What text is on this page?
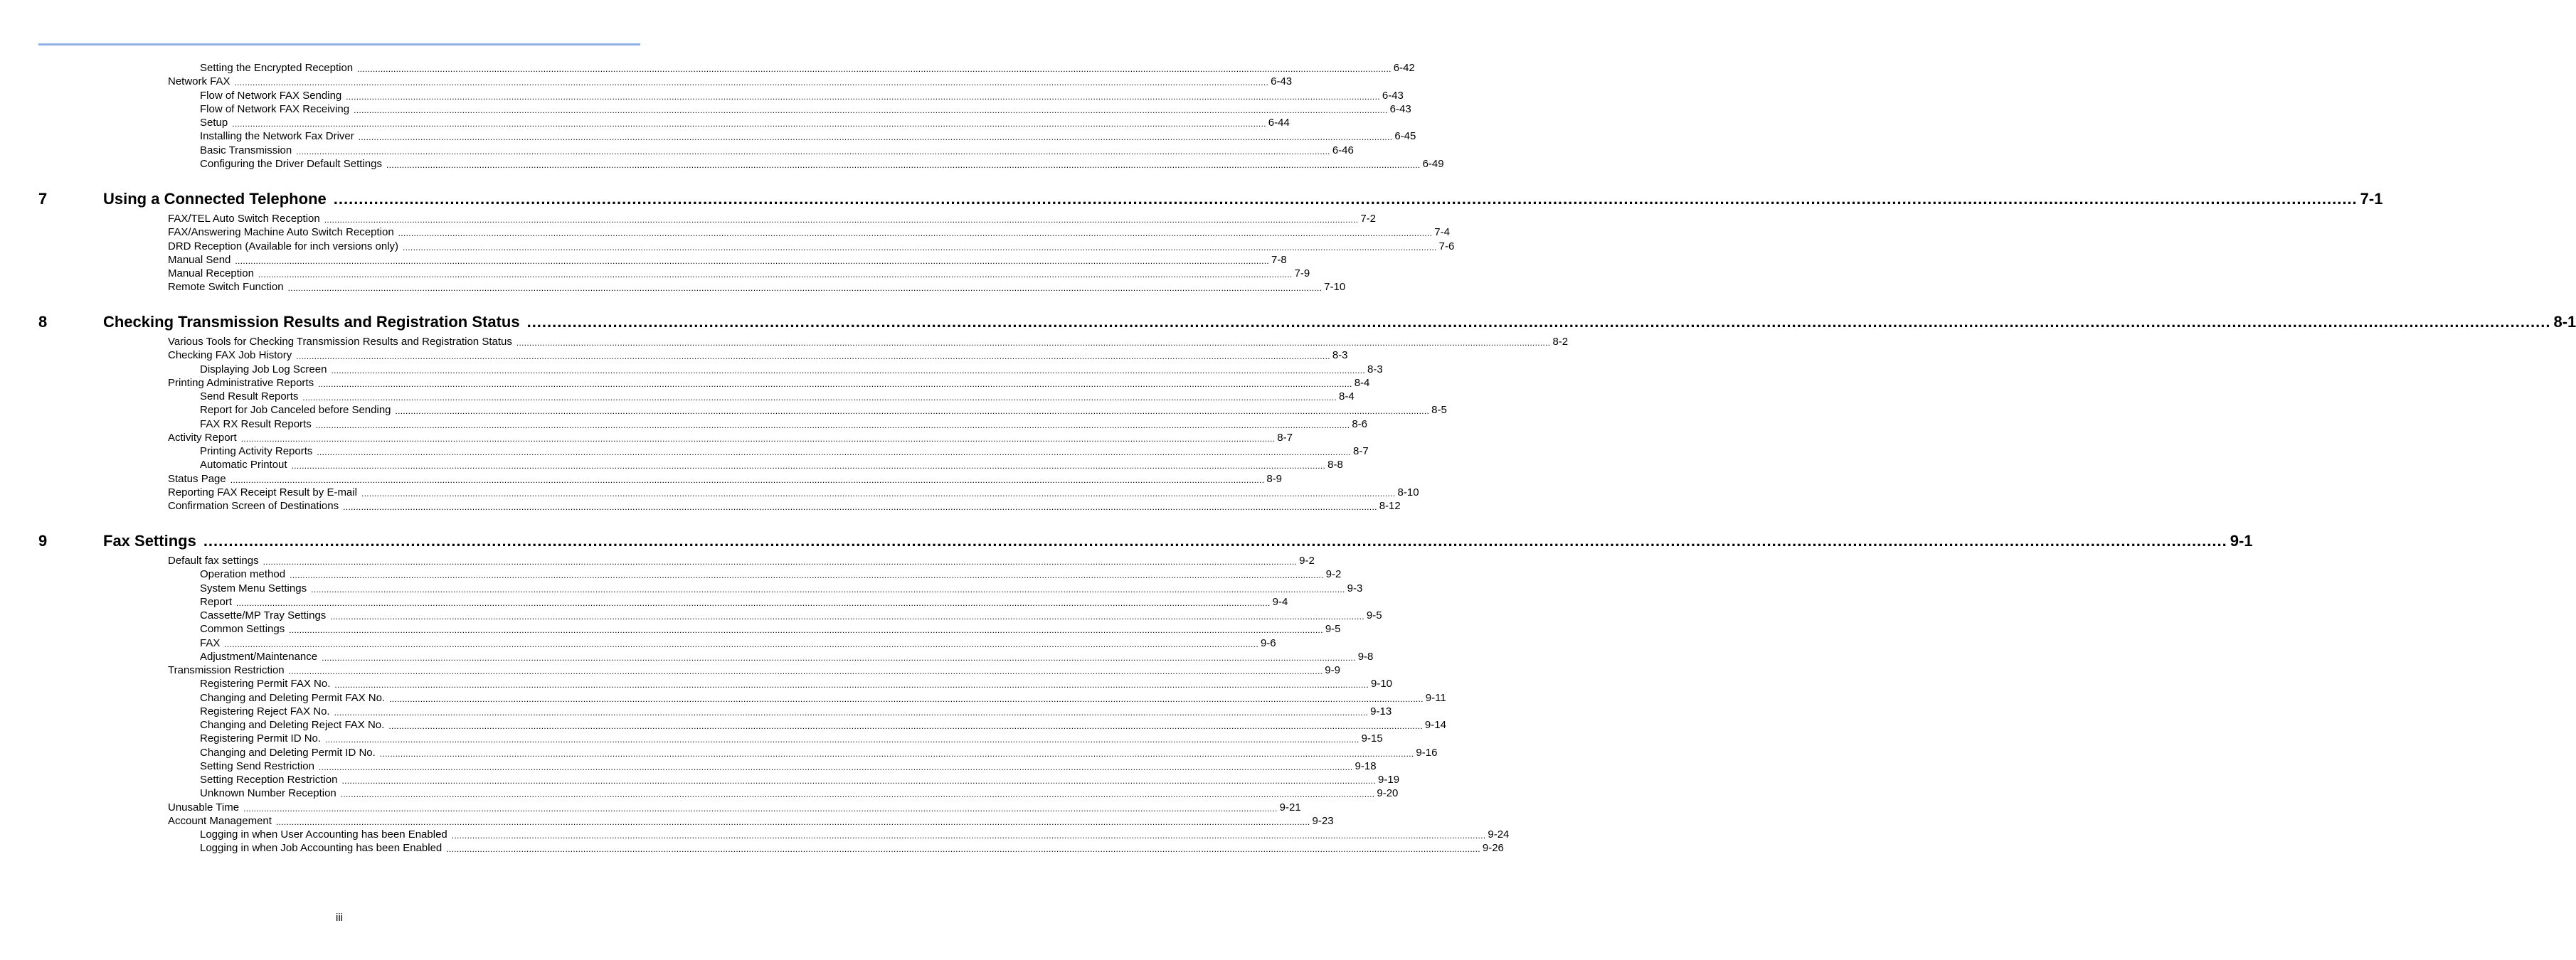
Setting the Encrypted Reception ................................................................................................................................................................................................................................................................................................................................................................................................................ 6-42
Network FAX ................................................................................................................................................................................................................................................................................................................................................................................................................ 6-43
Flow of Network FAX Sending ................................................................................................................................................................................................................................................................................................................................................................................................................ 6-43
Flow of Network FAX Receiving ................................................................................................................................................................................................................................................................................................................................................................................................................ 6-43
Setup ................................................................................................................................................................................................................................................................................................................................................................................................................ 6-44
Installing the Network Fax Driver ................................................................................................................................................................................................................................................................................................................................................................................................................ 6-45
Basic Transmission ................................................................................................................................................................................................................................................................................................................................................................................................................ 6-46
Configuring the Driver Default Settings ................................................................................................................................................................................................................................................................................................................................................................................................................ 6-49
7	Using a Connected Telephone ................................................................................................................................................................................................................................................................................................................................................................................................................ 7-1
FAX/TEL Auto Switch Reception ................................................................................................................................................................................................................................................................................................................................................................................................................ 7-2
FAX/Answering Machine Auto Switch Reception ................................................................................................................................................................................................................................................................................................................................................................................................................ 7-4
DRD Reception (Available for inch versions only) ................................................................................................................................................................................................................................................................................................................................................................................................................ 7-6
Manual Send ................................................................................................................................................................................................................................................................................................................................................................................................................ 7-8
Manual Reception ................................................................................................................................................................................................................................................................................................................................................................................................................ 7-9
Remote Switch Function ................................................................................................................................................................................................................................................................................................................................................................................................................ 7-10
8	Checking Transmission Results and Registration Status ................................................................................................................................................................................................................................................................................................................................................................................................................ 8-1
Various Tools for Checking Transmission Results and Registration Status ................................................................................................................................................................................................................................................................................................................................................................................................................ 8-2
Checking FAX Job History ................................................................................................................................................................................................................................................................................................................................................................................................................ 8-3
Displaying Job Log Screen ................................................................................................................................................................................................................................................................................................................................................................................................................ 8-3
Printing Administrative Reports ................................................................................................................................................................................................................................................................................................................................................................................................................ 8-4
Send Result Reports ................................................................................................................................................................................................................................................................................................................................................................................................................ 8-4
Report for Job Canceled before Sending ................................................................................................................................................................................................................................................................................................................................................................................................................ 8-5
FAX RX Result Reports ................................................................................................................................................................................................................................................................................................................................................................................................................ 8-6
Activity Report ................................................................................................................................................................................................................................................................................................................................................................................................................ 8-7
Printing Activity Reports ................................................................................................................................................................................................................................................................................................................................................................................................................ 8-7
Automatic Printout ................................................................................................................................................................................................................................................................................................................................................................................................................ 8-8
Status Page ................................................................................................................................................................................................................................................................................................................................................................................................................ 8-9
Reporting FAX Receipt Result by E-mail ................................................................................................................................................................................................................................................................................................................................................................................................................ 8-10
Confirmation Screen of Destinations ................................................................................................................................................................................................................................................................................................................................................................................................................ 8-12
9	Fax Settings ................................................................................................................................................................................................................................................................................................................................................................................................................ 9-1
Default fax settings ................................................................................................................................................................................................................................................................................................................................................................................................................ 9-2
Operation method ................................................................................................................................................................................................................................................................................................................................................................................................................ 9-2
System Menu Settings ................................................................................................................................................................................................................................................................................................................................................................................................................ 9-3
Report ................................................................................................................................................................................................................................................................................................................................................................................................................ 9-4
Cassette/MP Tray Settings ................................................................................................................................................................................................................................................................................................................................................................................................................ 9-5
Common Settings ................................................................................................................................................................................................................................................................................................................................................................................................................ 9-5
FAX ................................................................................................................................................................................................................................................................................................................................................................................................................ 9-6
Adjustment/Maintenance ................................................................................................................................................................................................................................................................................................................................................................................................................ 9-8
Transmission Restriction ................................................................................................................................................................................................................................................................................................................................................................................................................ 9-9
Registering Permit FAX No. ................................................................................................................................................................................................................................................................................................................................................................................................................ 9-10
Changing and Deleting Permit FAX No. ................................................................................................................................................................................................................................................................................................................................................................................................................ 9-11
Registering Reject FAX No. ................................................................................................................................................................................................................................................................................................................................................................................................................ 9-13
Changing and Deleting Reject FAX No. ................................................................................................................................................................................................................................................................................................................................................................................................................ 9-14
Registering Permit ID No. ................................................................................................................................................................................................................................................................................................................................................................................................................ 9-15
Changing and Deleting Permit ID No. ................................................................................................................................................................................................................................................................................................................................................................................................................ 9-16
Setting Send Restriction ................................................................................................................................................................................................................................................................................................................................................................................................................ 9-18
Setting Reception Restriction ................................................................................................................................................................................................................................................................................................................................................................................................................ 9-19
Unknown Number Reception ................................................................................................................................................................................................................................................................................................................................................................................................................ 9-20
Unusable Time ................................................................................................................................................................................................................................................................................................................................................................................................................ 9-21
Account Management ................................................................................................................................................................................................................................................................................................................................................................................................................ 9-23
Logging in when User Accounting has been Enabled ................................................................................................................................................................................................................................................................................................................................................................................................................ 9-24
Logging in when Job Accounting has been Enabled ................................................................................................................................................................................................................................................................................................................................................................................................................ 9-26
iii
